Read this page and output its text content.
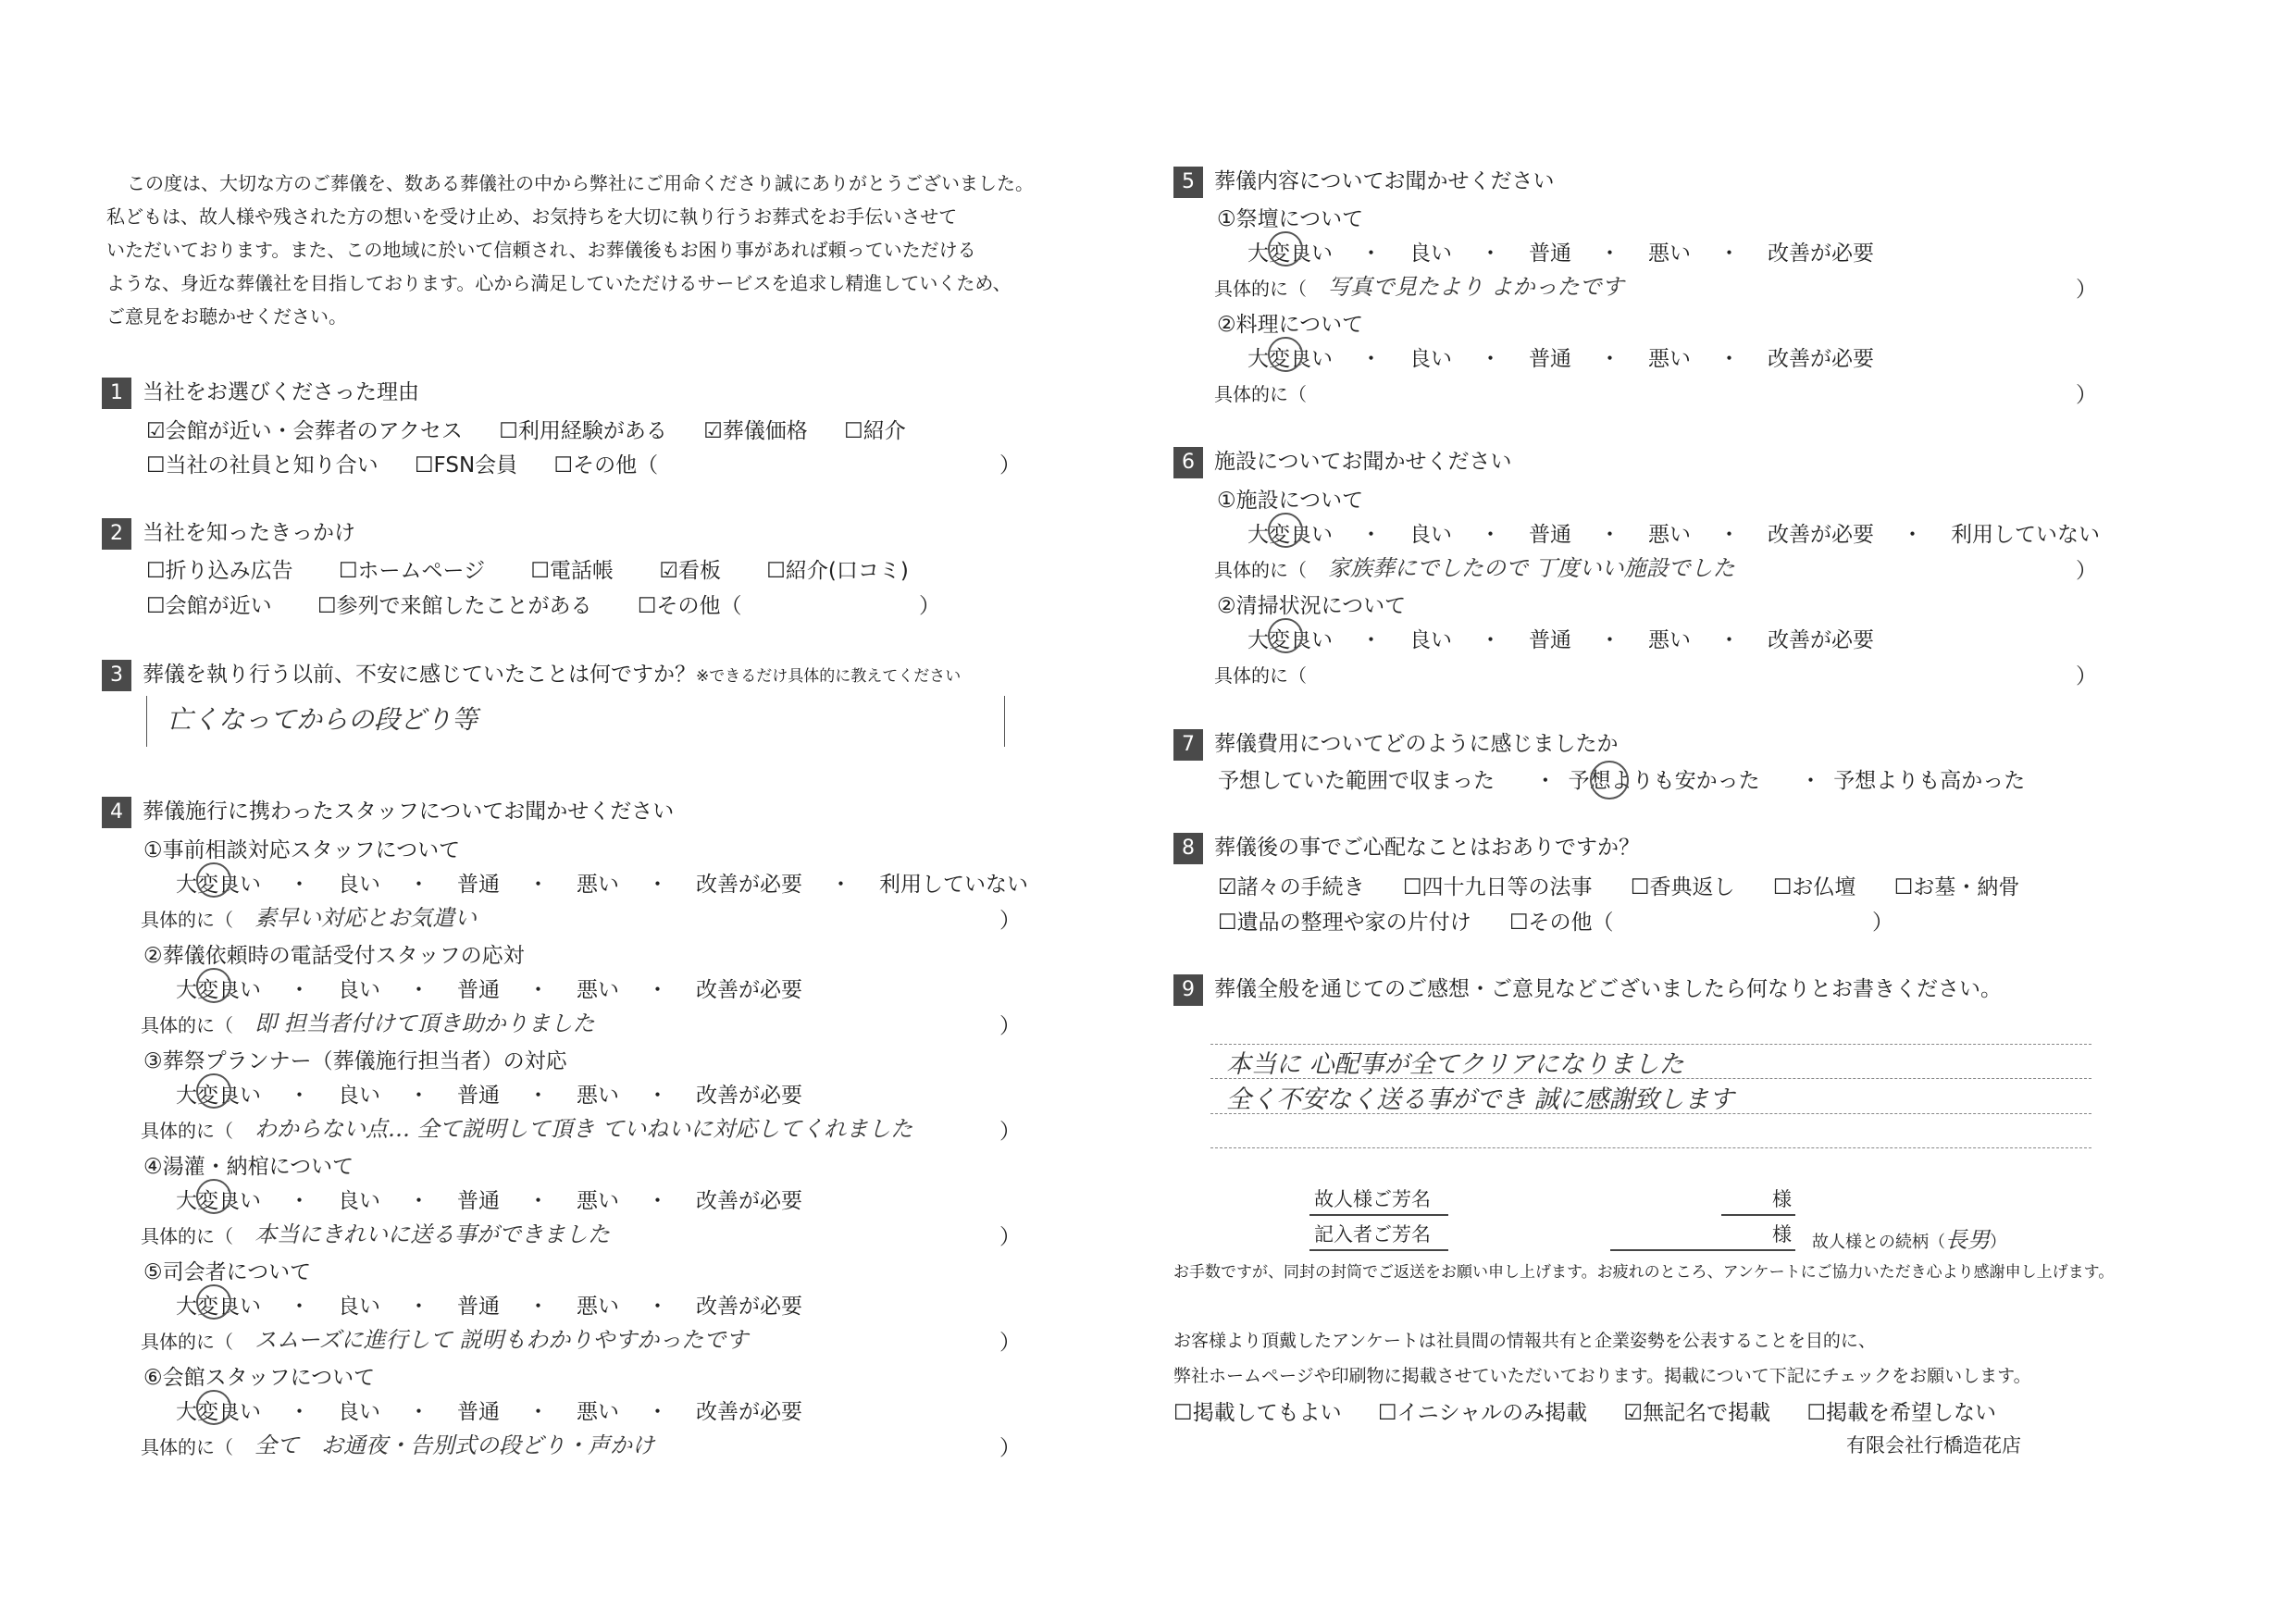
この度は、大切な方のご葬儀を、数ある葬儀社の中から弊社にご用命くださり誠にありがとうございました。
私どもは、故人様や残された方の想いを受け止め、お気持ちを大切に執り行うお葬式をお手伝いさせて
いただいております。また、この地域に於いて信頼され、お葬儀後もお困り事があれば頼っていただける
ような、身近な葬儀社を目指しております。心から満足していただけるサービスを追求し精進していくため、
ご意見をお聴かせください。
1 当社をお選びくださった理由
☑会館が近い・会葬者のアクセス ☐利用経験がある ☑葬儀価格 ☐紹介
☐当社の社員と知り合い ☐FSN会員 ☐その他（	）
2 当社を知ったきっかけ
☐折り込み広告 ☐ホームページ ☐電話帳 ☑看板 ☐紹介(口コミ)
☐会館が近い ☐参列で来館したことがある ☐その他（	）
3 葬儀を執り行う以前、不安に感じていたことは何ですか？※できるだけ具体的に教えてください
亡くなってからの段どり等
4 葬儀施行に携わったスタッフについてお聞かせください
①事前相談対応スタッフについて
大変良い ・ 良い ・ 普通 ・ 悪い ・ 改善が必要 ・ 利用していない
具体的に（ 素早い対応とお気遣い	）
②葬儀依頼時の電話受付スタッフの応対
大変良い ・ 良い ・ 普通 ・ 悪い ・ 改善が必要
具体的に（ 即 担当者付けて頂き助かりました	）
③葬祭プランナー（葬儀施行担当者）の対応
大変良い ・ 良い ・ 普通 ・ 悪い ・ 改善が必要
具体的に（ わからない点… 全て説明して頂き ていねいに対応してくれました	）
④湯灌・納棺について
大変良い ・ 良い ・ 普通 ・ 悪い ・ 改善が必要
具体的に（ 本当にきれいに送る事ができました	）
⑤司会者について
大変良い ・ 良い ・ 普通 ・ 悪い ・ 改善が必要
具体的に（ スムーズに進行して 説明もわかりやすかったです	）
⑥会館スタッフについて
大変良い ・ 良い ・ 普通 ・ 悪い ・ 改善が必要
具体的に（ 全て　お通夜・告別式の段どり・声かけ	）
5 葬儀内容についてお聞かせください
①祭壇について
大変良い ・ 良い ・ 普通 ・ 悪い ・ 改善が必要
具体的に（ 写真で見たより よかったです	）
②料理について
大変良い ・ 良い ・ 普通 ・ 悪い ・ 改善が必要
具体的に（	）
6 施設についてお聞かせください
①施設について
大変良い ・ 良い ・ 普通 ・ 悪い ・ 改善が必要 ・ 利用していない
具体的に（ 家族葬にでしたので 丁度いい施設でした	）
②清掃状況について
大変良い ・ 良い ・ 普通 ・ 悪い ・ 改善が必要
具体的に（	）
7 葬儀費用についてどのように感じましたか
予想していた範囲で収まった ・ 予想よりも安かった ・ 予想よりも高かった
8 葬儀後の事でご心配なことはおありですか？
☑諸々の手続き ☐四十九日等の法事 ☐香典返し ☐お仏壇 ☐お墓・納骨
☐遺品の整理や家の片付け ☐その他（	）
9 葬儀全般を通じてのご感想・ご意見などございましたら何なりとお書きください。
本当に 心配事が全てクリアになりました
全く不安なく送る事ができ 誠に感謝致します
故人様ご芳名	様
記入者ご芳名	様 故人様との続柄（長男）
お手数ですが、同封の封筒でご返送をお願い申し上げます。お疲れのところ、アンケートにご協力いただき心より感謝申し上げます。
お客様より頂戴したアンケートは社員間の情報共有と企業姿勢を公表することを目的に、
弊社ホームページや印刷物に掲載させていただいております。掲載について下記にチェックをお願いします。
☐掲載してもよい ☐イニシャルのみ掲載 ☑無記名で掲載 ☐掲載を希望しない
有限会社行橋造花店
